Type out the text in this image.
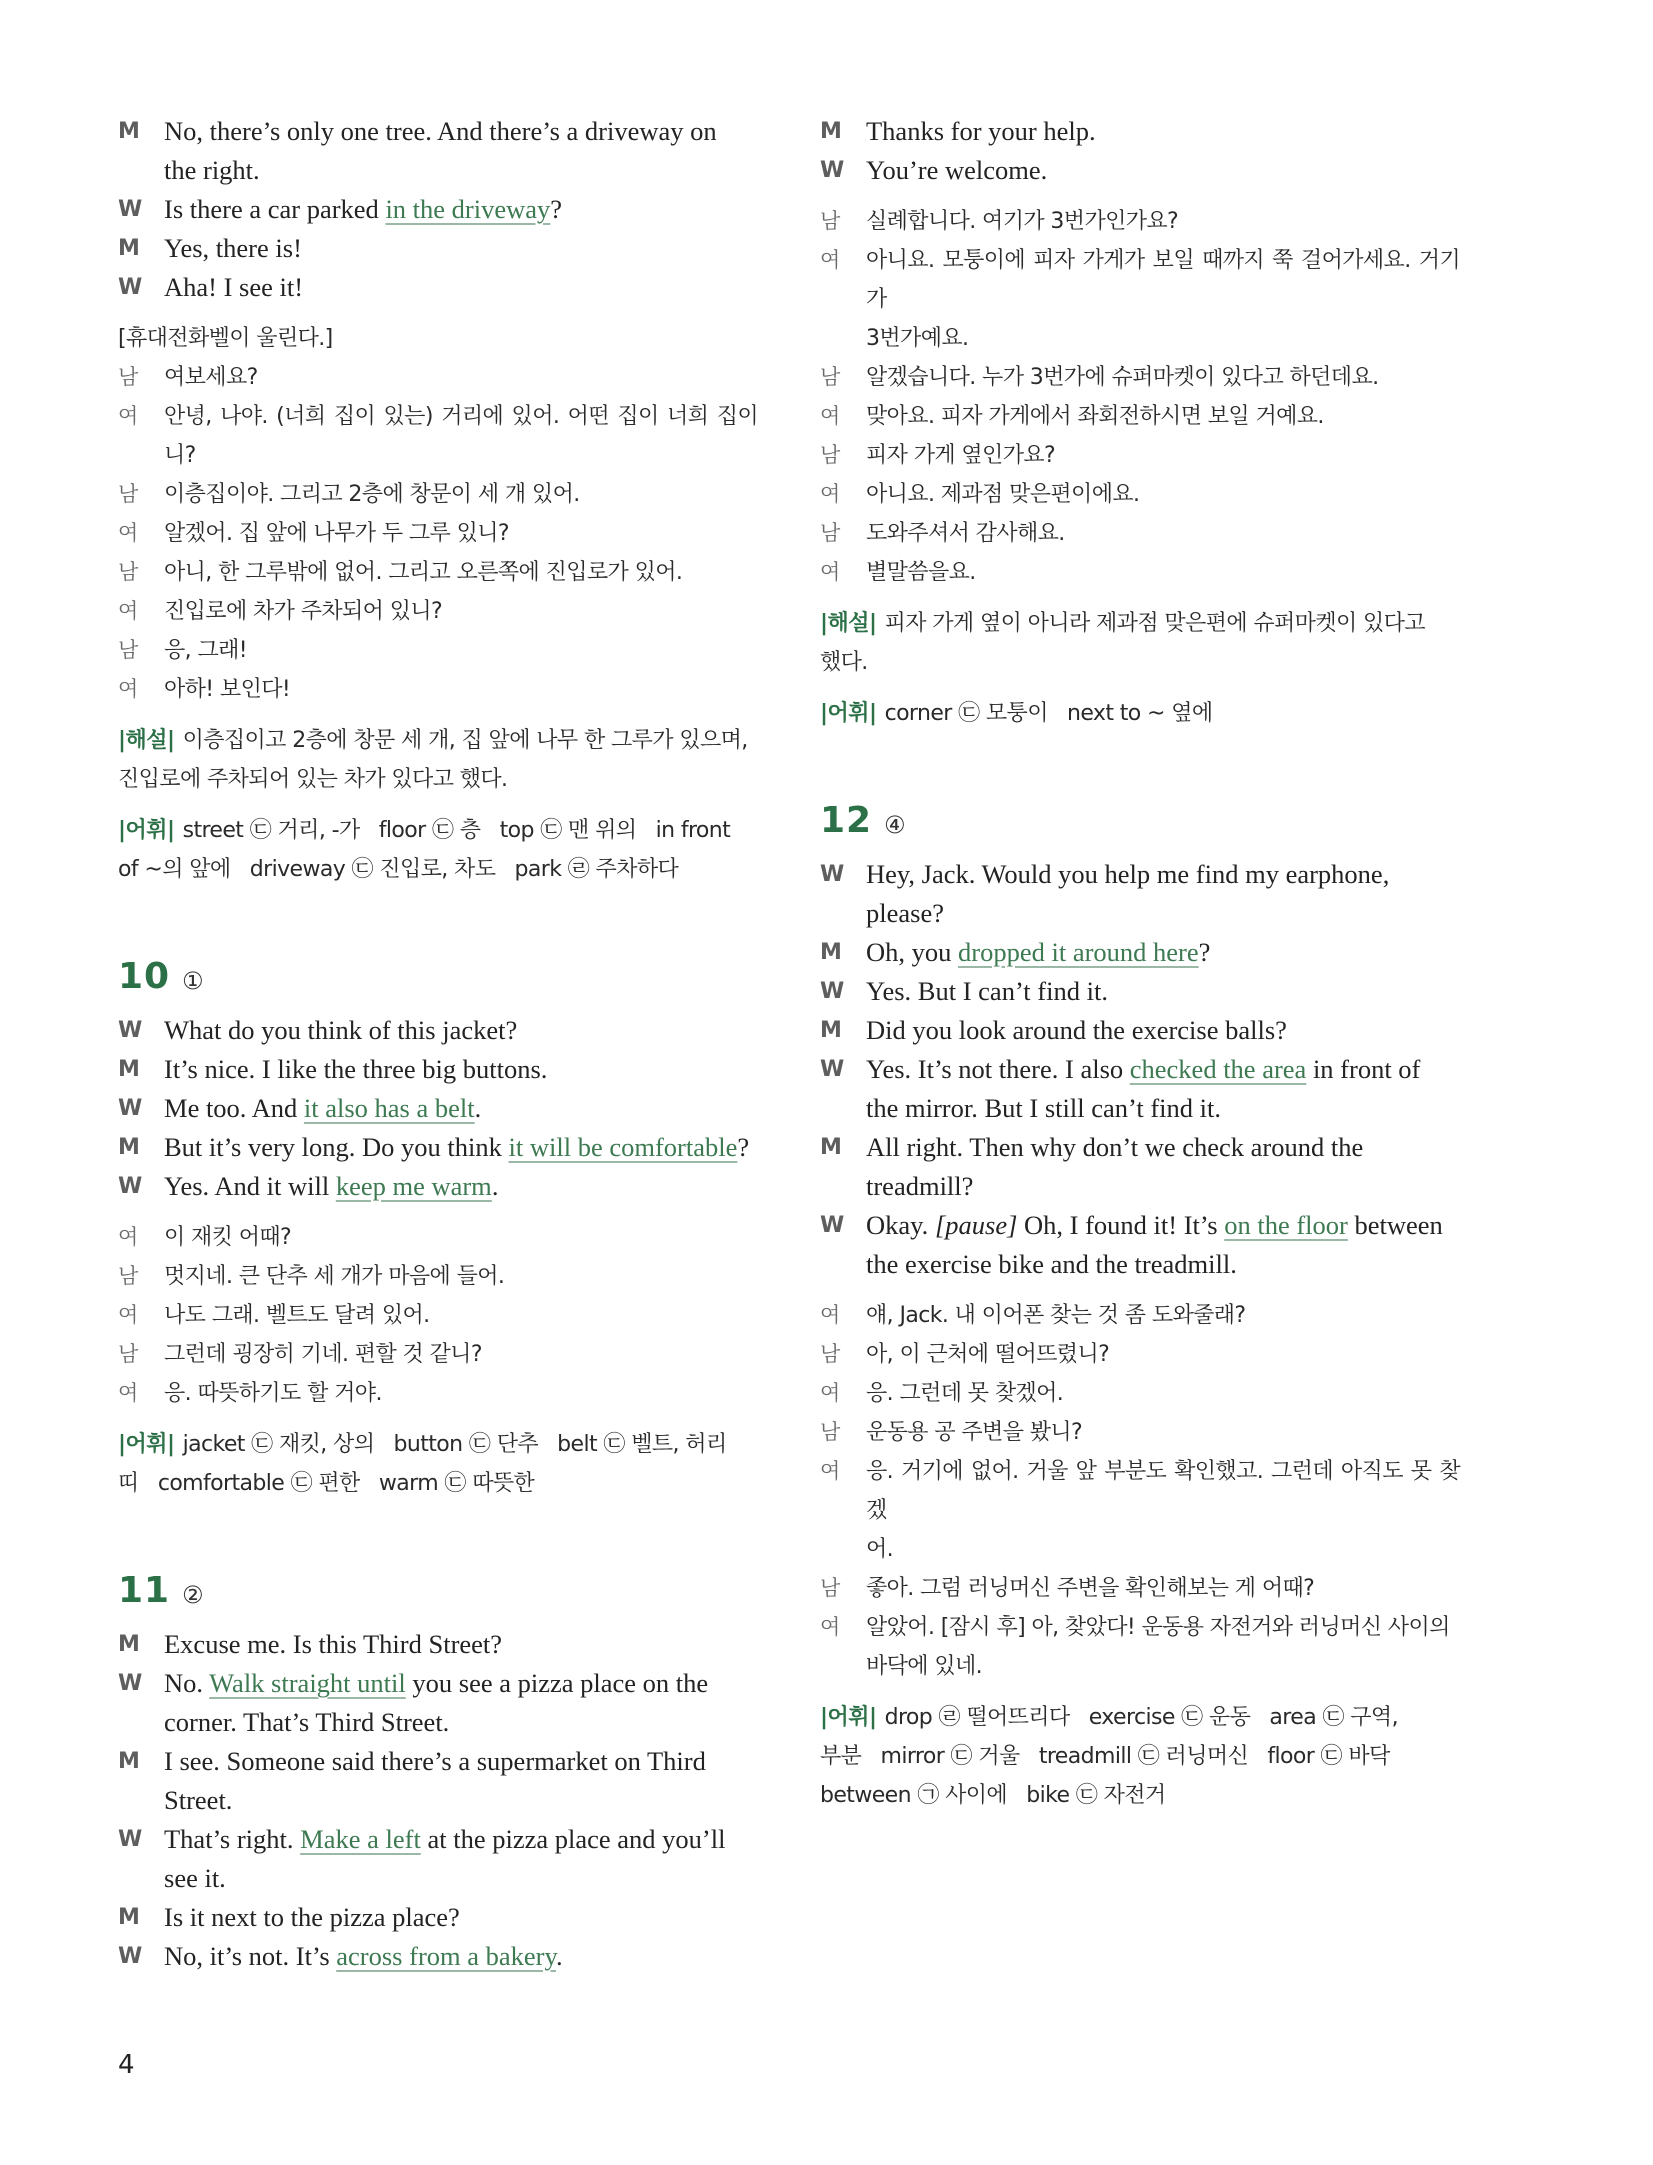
M No, there’s only one tree. And there’s a driveway on

the right.

W Is there a car parked in the driveway?

M Yes, there is!

W Aha! I see it!

[휴대전화벨이 울린다.]

남	여보세요?

여	안녕, 나야. (너희 집이 있는) 거리에 있어. 어떤 집이 너희 집이니?

남	이층집이야. 그리고 2층에 창문이 세 개 있어.

여	알겠어. 집 앞에 나무가 두 그루 있니?

남	아니, 한 그루밖에 없어. 그리고 오른쪽에 진입로가 있어.

여	진입로에 차가 주차되어 있니?

남	응, 그래!

여	아하! 보인다!

|해설| 이층집이고 2층에 창문 세 개, 집 앞에 나무 한 그루가 있으며,

진입로에 주차되어 있는 차가 있다고 했다.

|어휘| street ㉢ 거리, -가   floor ㉢ 층   top ㉢ 맨 위의   in front

of ~의 앞에   driveway ㉢ 진입로, 차도   park ㉣ 주차하다

10 ①

W What do you think of this jacket?

M It’s nice. I like the three big buttons.

W Me too. And it also has a belt.

M But it’s very long. Do you think it will be comfortable?

W Yes. And it will keep me warm.

여	이 재킷 어때?

남	멋지네. 큰 단추 세 개가 마음에 들어.

여	나도 그래. 벨트도 달려 있어.

남	그런데 굉장히 기네. 편할 것 같니?

여	응. 따뜻하기도 할 거야.

|어휘| jacket ㉢ 재킷, 상의   button ㉢ 단추   belt ㉢ 벨트, 허리

띠   comfortable ㉢ 편한   warm ㉢ 따뜻한

11 ②

M Excuse me. Is this Third Street?

W No. Walk straight until you see a pizza place on the

corner. That’s Third Street.

M I see. Someone said there’s a supermarket on Third

Street.

W That’s right. Make a left at the pizza place and you’ll

see it.

M Is it next to the pizza place?

W No, it’s not. It’s across from a bakery.

M Thanks for your help.

W You’re welcome.

남	실례합니다. 여기가 3번가인가요?

여	아니요. 모퉁이에 피자 가게가 보일 때까지 쭉 걸어가세요. 거기가

3번가예요.

남	알겠습니다. 누가 3번가에 슈퍼마켓이 있다고 하던데요.

여	맞아요. 피자 가게에서 좌회전하시면 보일 거예요.

남	피자 가게 옆인가요?

여	아니요. 제과점 맞은편이에요.

남	도와주셔서 감사해요.

여	별말씀을요.

|해설| 피자 가게 옆이 아니라 제과점 맞은편에 슈퍼마켓이 있다고

했다.

|어휘| corner ㉢ 모퉁이   next to ~ 옆에

12 ④

W Hey, Jack. Would you help me find my earphone,

please?

M Oh, you dropped it around here?

W Yes. But I can’t find it.

M Did you look around the exercise balls?

W Yes. It’s not there. I also checked the area in front of

the mirror. But I still can’t find it.

M All right. Then why don’t we check around the

treadmill?

W Okay. [pause] Oh, I found it! It’s on the floor between

the exercise bike and the treadmill.

여	얘, Jack. 내 이어폰 찾는 것 좀 도와줄래?

남	아, 이 근처에 떨어뜨렸니?

여	응. 그런데 못 찾겠어.

남	운동용 공 주변을 봤니?

여	응. 거기에 없어. 거울 앞 부분도 확인했고. 그런데 아직도 못 찾겠

어.

남	좋아. 그럼 러닝머신 주변을 확인해보는 게 어때?

여	알았어. [잠시 후] 아, 찾았다! 운동용 자전거와 러닝머신 사이의

바닥에 있네.

|어휘| drop ㉣ 떨어뜨리다   exercise ㉢ 운동   area ㉢ 구역,

부분   mirror ㉢ 거울   treadmill ㉢ 러닝머신   floor ㉢ 바닥

between ㉠ 사이에   bike ㉢ 자전거

4
